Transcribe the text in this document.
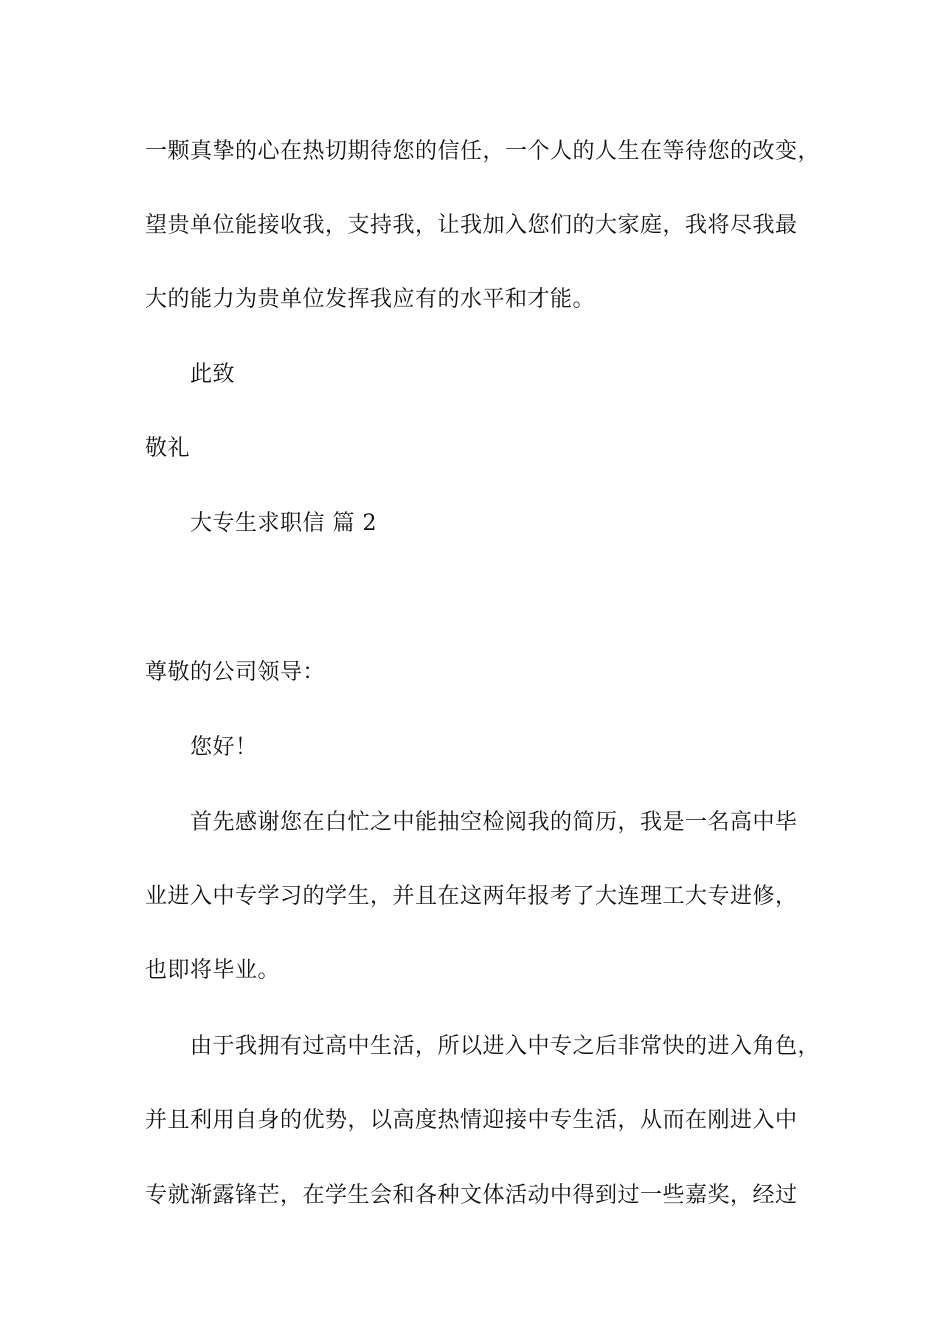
一颗真挚的心在热切期待您的信任，一个人的人生在等待您的改变，
望贵单位能接收我，支持我，让我加入您们的大家庭，我将尽我最
大的能力为贵单位发挥我应有的水平和才能。
此致
敬礼
大专生求职信 篇 2
尊敬的公司领导：
您好！
首先感谢您在白忙之中能抽空检阅我的简历，我是一名高中毕
业进入中专学习的学生，并且在这两年报考了大连理工大专进修，
也即将毕业。
由于我拥有过高中生活，所以进入中专之后非常快的进入角色，
并且利用自身的优势，以高度热情迎接中专生活，从而在刚进入中
专就渐露锋芒，在学生会和各种文体活动中得到过一些嘉奖，经过
